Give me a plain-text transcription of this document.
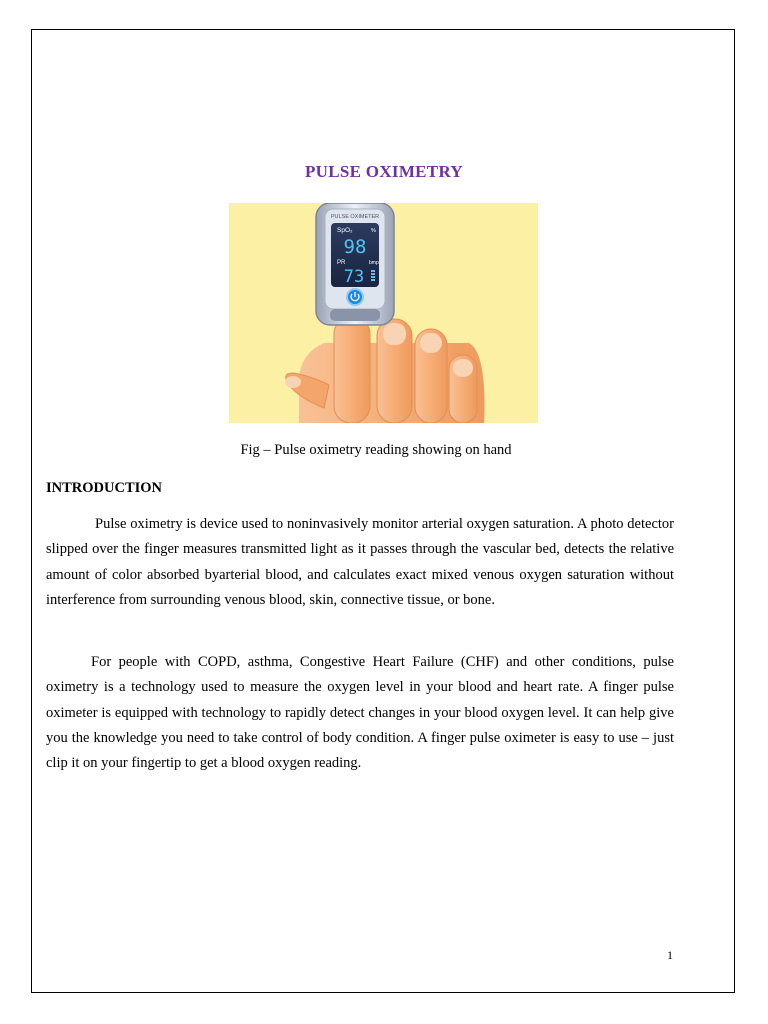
PULSE OXIMETRY
PULSE OXIMETER
SpO₂	%
98
PR	bmp
73
Fig – Pulse oximetry reading showing on hand
INTRODUCTION

Pulse oximetry is device used to noninvasively monitor arterial oxygen saturation. A photo detector slipped over the finger measures transmitted light as it passes through the vascular bed, detects the relative amount of color absorbed byarterial blood, and calculates exact mixed venous oxygen saturation without interference from surrounding venous blood, skin, connective tissue, or bone.

For people with COPD, asthma, Congestive Heart Failure (CHF) and other conditions, pulse oximetry is a technology used to measure the oxygen level in your blood and heart rate. A finger pulse oximeter is equipped with technology to rapidly detect changes in your blood oxygen level. It can help give you the knowledge you need to take control of body condition. A finger pulse oximeter is easy to use – just clip it on your fingertip to get a blood oxygen reading.

1
